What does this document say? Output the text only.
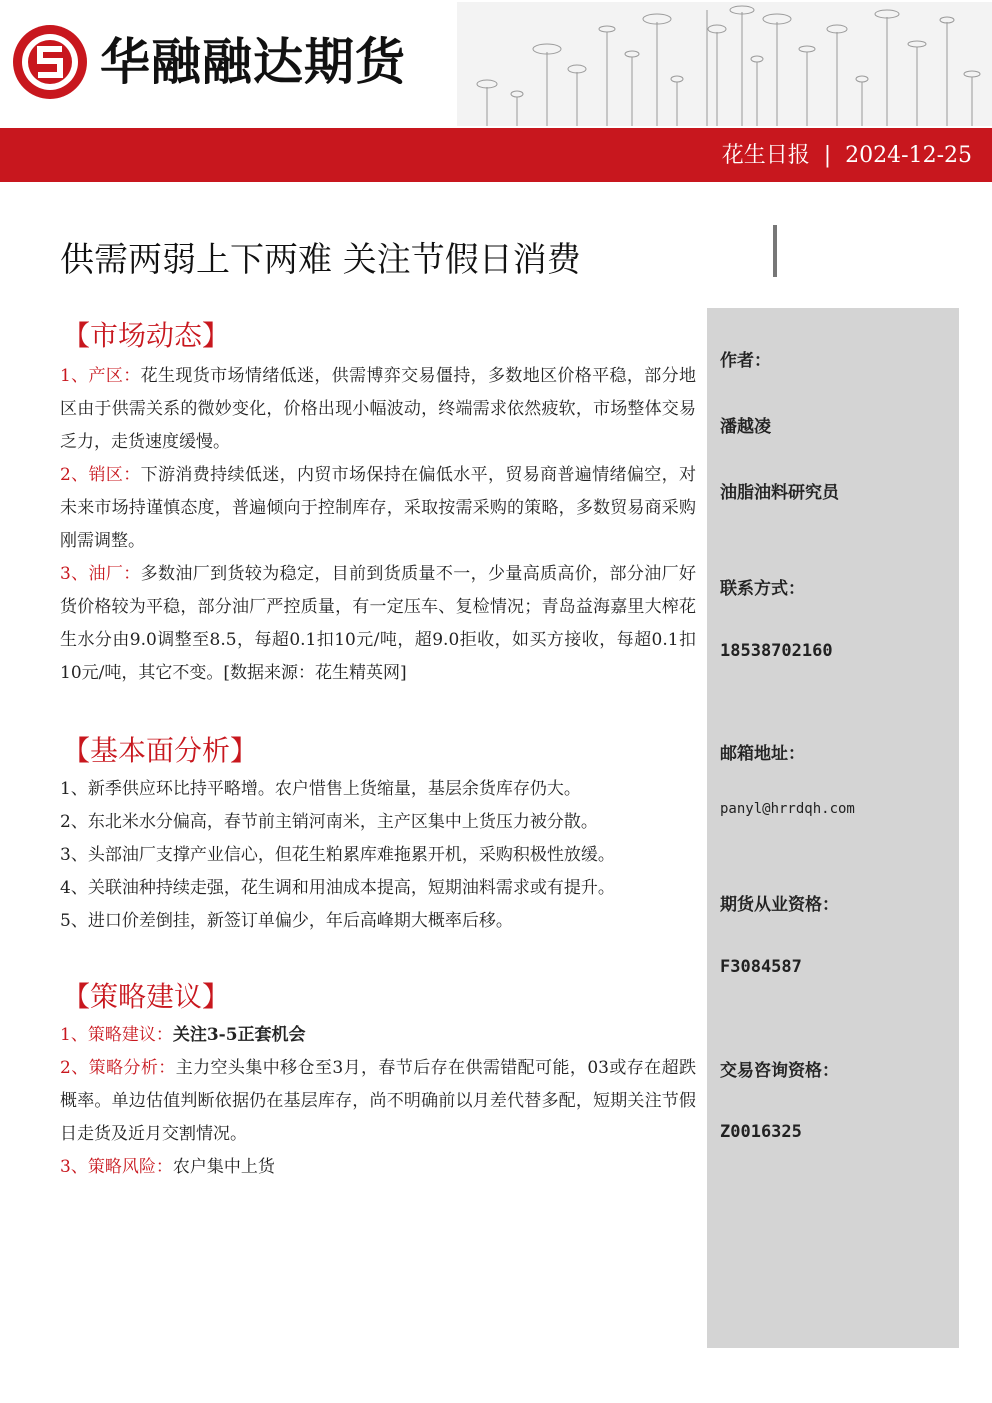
华融融达期货
花生日报 | 2024-12-25
供需两弱上下两难 关注节假日消费
作者：
潘越凌
油脂油料研究员
联系方式：
18538702160
邮箱地址：
panyl@hrrdqh.com
期货从业资格：
F3084587
交易咨询资格：
Z0016325
【市场动态】

1、产区：花生现货市场情绪低迷，供需博弈交易僵持，多数地区价格平稳，部分地区由于供需关系的微妙变化，价格出现小幅波动，终端需求依然疲软，市场整体交易乏力，走货速度缓慢。

2、销区：下游消费持续低迷，内贸市场保持在偏低水平，贸易商普遍情绪偏空，对未来市场持谨慎态度，普遍倾向于控制库存，采取按需采购的策略，多数贸易商采购刚需调整。

3、油厂：多数油厂到货较为稳定，目前到货质量不一，少量高质高价，部分油厂好货价格较为平稳，部分油厂严控质量，有一定压车、复检情况；青岛益海嘉里大榨花生水分由9.0调整至8.5，每超0.1扣10元/吨，超9.0拒收，如买方接收，每超0.1扣10元/吨，其它不变。[数据来源：花生精英网]

【基本面分析】
1、新季供应环比持平略增。农户惜售上货缩量，基层余货库存仍大。
2、东北米水分偏高，春节前主销河南米，主产区集中上货压力被分散。
3、头部油厂支撑产业信心，但花生粕累库难拖累开机，采购积极性放缓。
4、关联油种持续走强，花生调和用油成本提高，短期油料需求或有提升。
5、进口价差倒挂，新签订单偏少，年后高峰期大概率后移。
【策略建议】

1、策略建议：关注3-5正套机会

2、策略分析：主力空头集中移仓至3月，春节后存在供需错配可能，03或存在超跌概率。单边估值判断依据仍在基层库存，尚不明确前以月差代替多配，短期关注节假日走货及近月交割情况。

3、策略风险：农户集中上货
